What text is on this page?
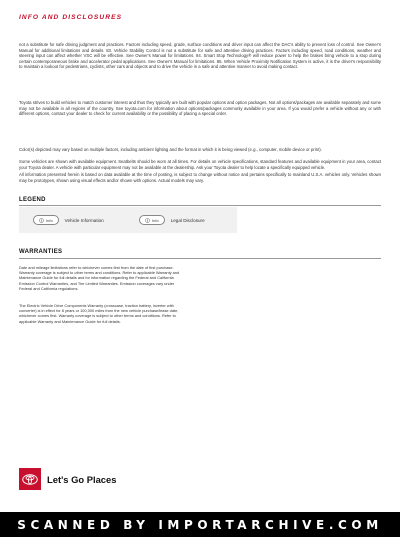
INFO AND DISCLOSURES

not a substitute for safe driving judgment and practices. Factors including speed, grade, surface conditions and driver input can affect the DAC's ability to prevent loss of control. See Owner's Manual for additional limitations and details. 83. Vehicle Stability Control is not a substitute for safe and attentive driving practices. Factors including speed, road conditions, weather and steering input can affect whether VSC will be effective. See Owner's Manual for limitations. 84. Smart Stop Technology® will reduce power to help the brakes bring vehicle to a stop during certain contemporaneous brake and accelerator pedal applications. See Owner's Manual for limitations. 85. When Vehicle Proximity Notification System is active, it is the driver's responsibility to maintain a lookout for pedestrians, cyclists, other cars and objects and to drive the vehicle in a safe and attentive manner to avoid making contact.

Toyota strives to build vehicles to match customer interest and thus they typically are built with popular options and option packages. Not all options/packages are available separately and some may not be available in all regions of the country. See toyota.com for information about options/packages commonly available in your area. If you would prefer a vehicle without any or with different options, contact your dealer to check for current availability or the possibility of placing a special order.

Color(s) depicted may vary based on multiple factors, including ambient lighting and the format in which it is being viewed (e.g., computer, mobile device or print).

Some vehicles are shown with available equipment. Seatbelts should be worn at all times. For details on vehicle specifications, standard features and available equipment in your area, contact your Toyota dealer. A vehicle with particular equipment may not be available at the dealership. Ask your Toyota dealer to help locate a specifically equipped vehicle.

All information presented herein is based on data available at the time of posting, is subject to change without notice and pertains specifically to mainland U.S.A. vehicles only. Vehicles shown may be prototypes, shown using visual effects and/or shown with options. Actual models may vary.

LEGEND
Info	Vehicle Information	Info	Legal Disclosure
WARRANTIES
Date and mileage limitations refer to whichever comes first from the date of first purchase. Warranty coverage is subject to other terms and conditions. Refer to applicable Warranty and Maintenance Guide for full details and for information regarding the Federal and California Emission Control Warranties, and Tire Limited Warranties. Emission coverages vary under Federal and California regulations.
The Electric Vehicle Drive Components Warranty (crosscase, traction battery, inverter with converter) is in effect for 8 years or 100,000 miles from the new vehicle purchase/lease date, whichever comes first. Warranty coverage is subject to other terms and conditions. Refer to applicable Warranty and Maintenance Guide for full details.
Let's Go Places
SCANNED BY IMPORTARCHIVE.COM
